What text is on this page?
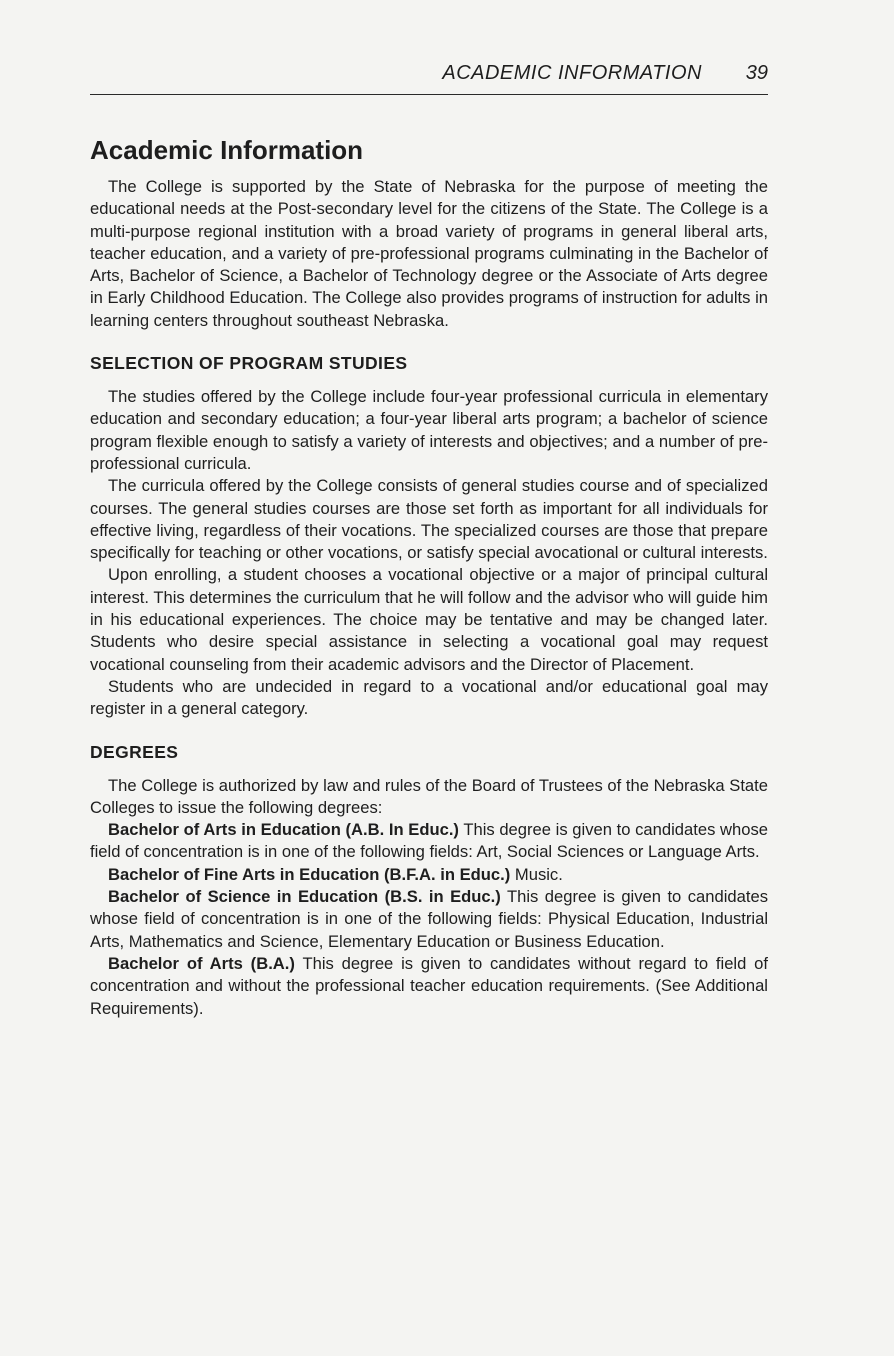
ACADEMIC INFORMATION 39
Academic Information

The College is supported by the State of Nebraska for the purpose of meeting the educational needs at the Post-secondary level for the citizens of the State. The College is a multi-purpose regional institution with a broad variety of programs in general liberal arts, teacher education, and a variety of pre-professional programs culminating in the Bachelor of Arts, Bachelor of Science, a Bachelor of Technology degree or the Associate of Arts degree in Early Childhood Education. The College also provides programs of instruction for adults in learning centers throughout southeast Nebraska.

SELECTION OF PROGRAM STUDIES

The studies offered by the College include four-year professional curricula in elementary education and secondary education; a four-year liberal arts program; a bachelor of science program flexible enough to satisfy a variety of interests and objectives; and a number of pre-professional curricula.

The curricula offered by the College consists of general studies course and of specialized courses. The general studies courses are those set forth as important for all individuals for effective living, regardless of their vocations. The specialized courses are those that prepare specifically for teaching or other vocations, or satisfy special avocational or cultural interests.

Upon enrolling, a student chooses a vocational objective or a major of principal cultural interest. This determines the curriculum that he will follow and the advisor who will guide him in his educational experiences. The choice may be tentative and may be changed later. Students who desire special assistance in selecting a vocational goal may request vocational counseling from their academic advisors and the Director of Placement.

Students who are undecided in regard to a vocational and/or educational goal may register in a general category.

DEGREES

The College is authorized by law and rules of the Board of Trustees of the Nebraska State Colleges to issue the following degrees:

Bachelor of Arts in Education (A.B. In Educ.) This degree is given to candidates whose field of concentration is in one of the following fields: Art, Social Sciences or Language Arts.

Bachelor of Fine Arts in Education (B.F.A. in Educ.) Music.

Bachelor of Science in Education (B.S. in Educ.) This degree is given to candidates whose field of concentration is in one of the following fields: Physical Education, Industrial Arts, Mathematics and Science, Elementary Education or Business Education.

Bachelor of Arts (B.A.) This degree is given to candidates without regard to field of concentration and without the professional teacher education requirements. (See Additional Requirements).
